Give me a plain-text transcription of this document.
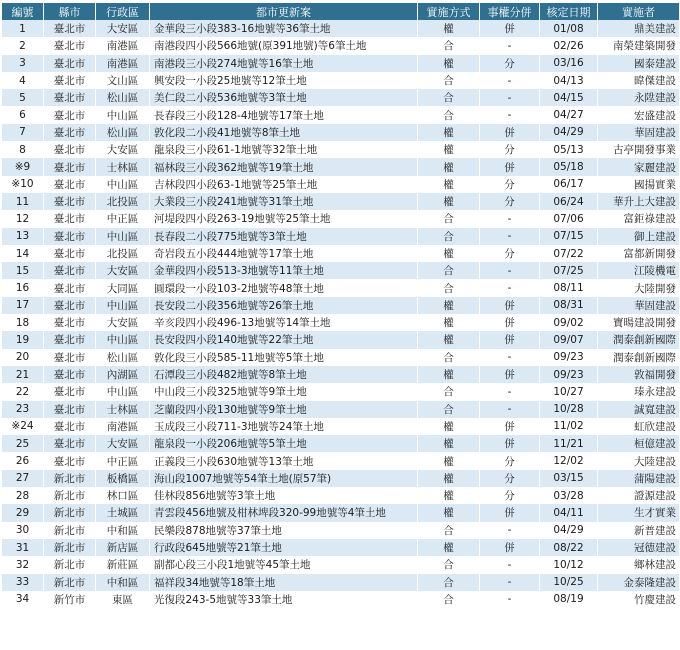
編號	縣市	行政區	都市更新案	實施方式	事權分併	核定日期	實施者
1	臺北市	大安區	金華段三小段383-16地號等36筆土地	權	併	01/08	鼎美建設
2	臺北市	南港區	南港段四小段566地號(原391地號)等6筆土地	合	-	02/26	南榮建築開發
3	臺北市	南港區	南港段三小段274地號等16筆土地	權	分	03/16	國泰建設
4	臺北市	文山區	興安段一小段25地號等12筆土地	合	-	04/13	暐傑建設
5	臺北市	松山區	美仁段二小段536地號等3筆土地	合	-	04/15	永陞建設
6	臺北市	中山區	長春段三小段128-4地號等17筆土地	合	-	04/27	宏盛建設
7	臺北市	松山區	敦化段二小段41地號等8筆土地	權	併	04/29	華固建設
8	臺北市	大安區	龍泉段三小段61-1地號等32筆土地	權	分	05/13	古亭開發事業
※9	臺北市	士林區	福林段三小段362地號等19筆土地	權	併	05/18	家麗建設
※10	臺北市	中山區	吉林段四小段63-1地號等25筆土地	權	分	06/17	國揚實業
11	臺北市	北投區	大業段三小段241地號等31筆土地	權	分	06/24	華升上大建設
12	臺北市	中正區	河堤段四小段263-19地號等25筆土地	合	-	07/06	富鉅祿建設
13	臺北市	中山區	長春段二小段775地號等3筆土地	合	-	07/15	御上建設
14	臺北市	北投區	奇岩段五小段444地號等17筆土地	權	分	07/22	富都新開發
15	臺北市	大安區	金華段四小段513-3地號等11筆土地	合	-	07/25	江陵機電
16	臺北市	大同區	圓環段一小段103-2地號等48筆土地	合	-	08/11	大陸開發
17	臺北市	中山區	長安段二小段356地號等26筆土地	權	併	08/31	華固建設
18	臺北市	大安區	辛亥段四小段496-13地號等14筆土地	權	併	09/02	寶暘建設開發
19	臺北市	中山區	長安段四小段140地號等22筆土地	權	併	09/07	潤泰創新國際
20	臺北市	松山區	敦化段三小段585-11地號等5筆土地	合	-	09/23	潤泰創新國際
21	臺北市	內湖區	石潭段三小段482地號等8筆土地	權	併	09/23	敦福開發
22	臺北市	中山區	中山段三小段325地號等9筆土地	合	-	10/27	瑧永建設
23	臺北市	士林區	芝蘭段四小段130地號等9筆土地	合	-	10/28	誠寬建設
※24	臺北市	南港區	玉成段三小段711-3地號等24筆土地	權	併	11/02	虹欣建設
25	臺北市	大安區	龍泉段一小段206地號等5筆土地	權	併	11/21	桓億建設
26	臺北市	中正區	正義段三小段630地號等13筆土地	權	分	12/02	大陸建設
27	新北市	板橋區	海山段1007地號等54筆土地(原57筆)	權	分	03/15	蒲陽建設
28	新北市	林口區	佳林段856地號等3筆土地	權	分	03/28	證源建設
29	新北市	土城區	青雲段456地號及柑林埤段320-99地號等4筆土地	權	併	04/11	生才實業
30	新北市	中和區	民樂段878地號等37筆土地	合	-	04/29	新普建設
31	新北市	新店區	行政段645地號等21筆土地	權	併	08/22	冠德建設
32	新北市	新莊區	副都心段三小段1地號等45筆土地	合	-	10/12	鄉林建設
33	新北市	中和區	福祥段34地號等18筆土地	合	-	10/25	金泰隆建設
34	新竹市	東區	光復段243-5地號等33筆土地	合	-	08/19	竹慶建設
